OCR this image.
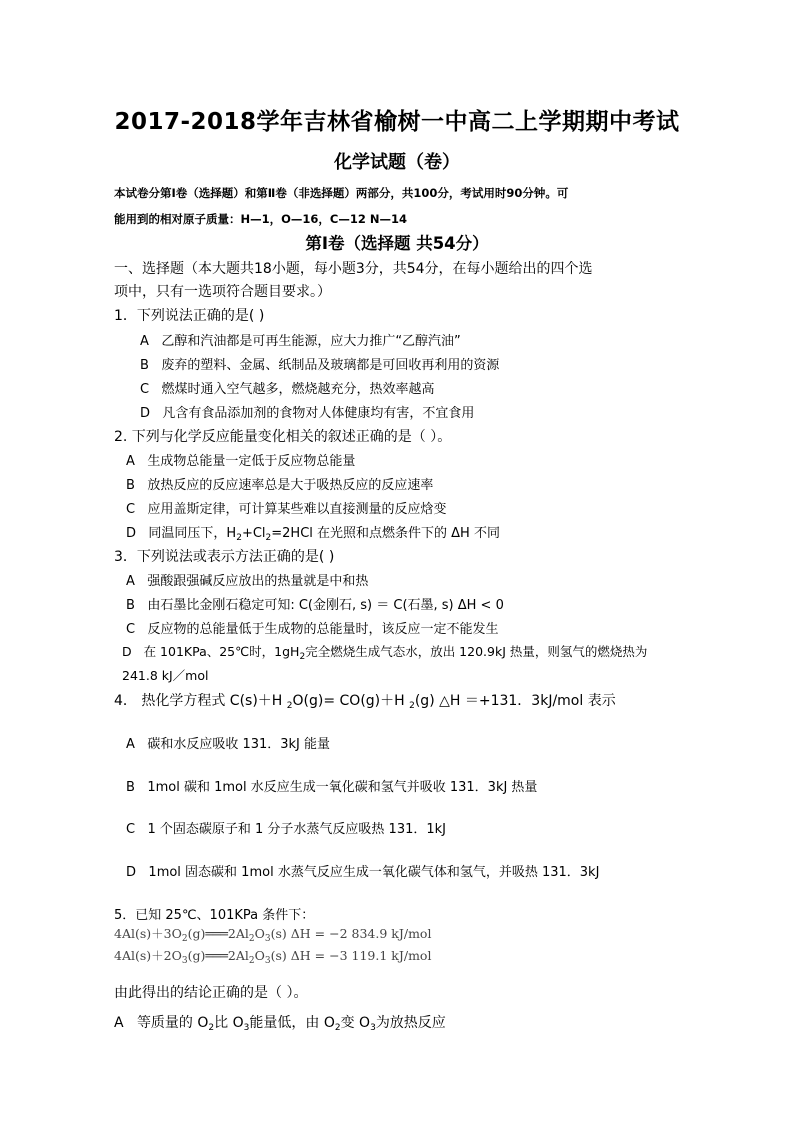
2017-2018学年吉林省榆树一中高二上学期期中考试
化学试题（卷）
本试卷分第Ⅰ卷（选择题）和第Ⅱ卷（非选择题）两部分，共100分，考试用时90分钟。可
能用到的相对原子质量：H—1，O—16，C—12 N—14
第Ⅰ卷（选择题 共54分）
一、选择题（本大题共18小题，每小题3分，共54分，在每小题给出的四个选
项中，只有一选项符合题目要求。）
1．下列说法正确的是( )
A 乙醇和汽油都是可再生能源，应大力推广“乙醇汽油”
B 废弃的塑料、金属、纸制品及玻璃都是可回收再利用的资源
C 燃煤时通入空气越多，燃烧越充分，热效率越高
D 凡含有食品添加剂的食物对人体健康均有害，不宜食用
2. 下列与化学反应能量变化相关的叙述正确的是（ ）。
A 生成物总能量一定低于反应物总能量
B 放热反应的反应速率总是大于吸热反应的反应速率
C 应用盖斯定律，可计算某些难以直接测量的反应焓变
D 同温同压下，$H_2+Cl_2=2HCl$ 在光照和点燃条件下的 ΔH 不同
3．下列说法或表示方法正确的是( )
A 强酸跟强碱反应放出的热量就是中和热
B 由石墨比金刚石稳定可知: C(金刚石, s) ＝ C(石墨, s) ΔH < 0
C 反应物的总能量低于生成物的总能量时，该反应一定不能发生
D 在 101KPa、25℃时，$1gH_2$完全燃烧生成气态水，放出 120.9kJ 热量，则氢气的燃烧热为
241.8 kJ／mol
4． 热化学方程式 C(s)＋H $_2$O(g)= CO(g)＋H $_2$(g) △H ＝+131．3kJ/mol 表示
A 碳和水反应吸收 131．3kJ 能量
B 1mol 碳和 1mol 水反应生成一氧化碳和氢气并吸收 131．3kJ 热量
C 1 个固态碳原子和 1 分子水蒸气反应吸热 131．1kJ
D 1mol 固态碳和 1mol 水蒸气反应生成一氧化碳气体和氢气，并吸热 131．3kJ
5．已知 25℃、101KPa 条件下：
$4Al(s)+3O_2(g)═══2Al_2O_3(s) \Delta H = -2$ 834.9 kJ/mol
$4Al(s)+2O_3(g)═══2Al_2O_3(s) \Delta H = -3$ 119.1 kJ/mol
由此得出的结论正确的是（ ）。
A 等质量的 $O_2$比 $O_3$能量低，由 $O_2$变 $O_3$为放热反应
